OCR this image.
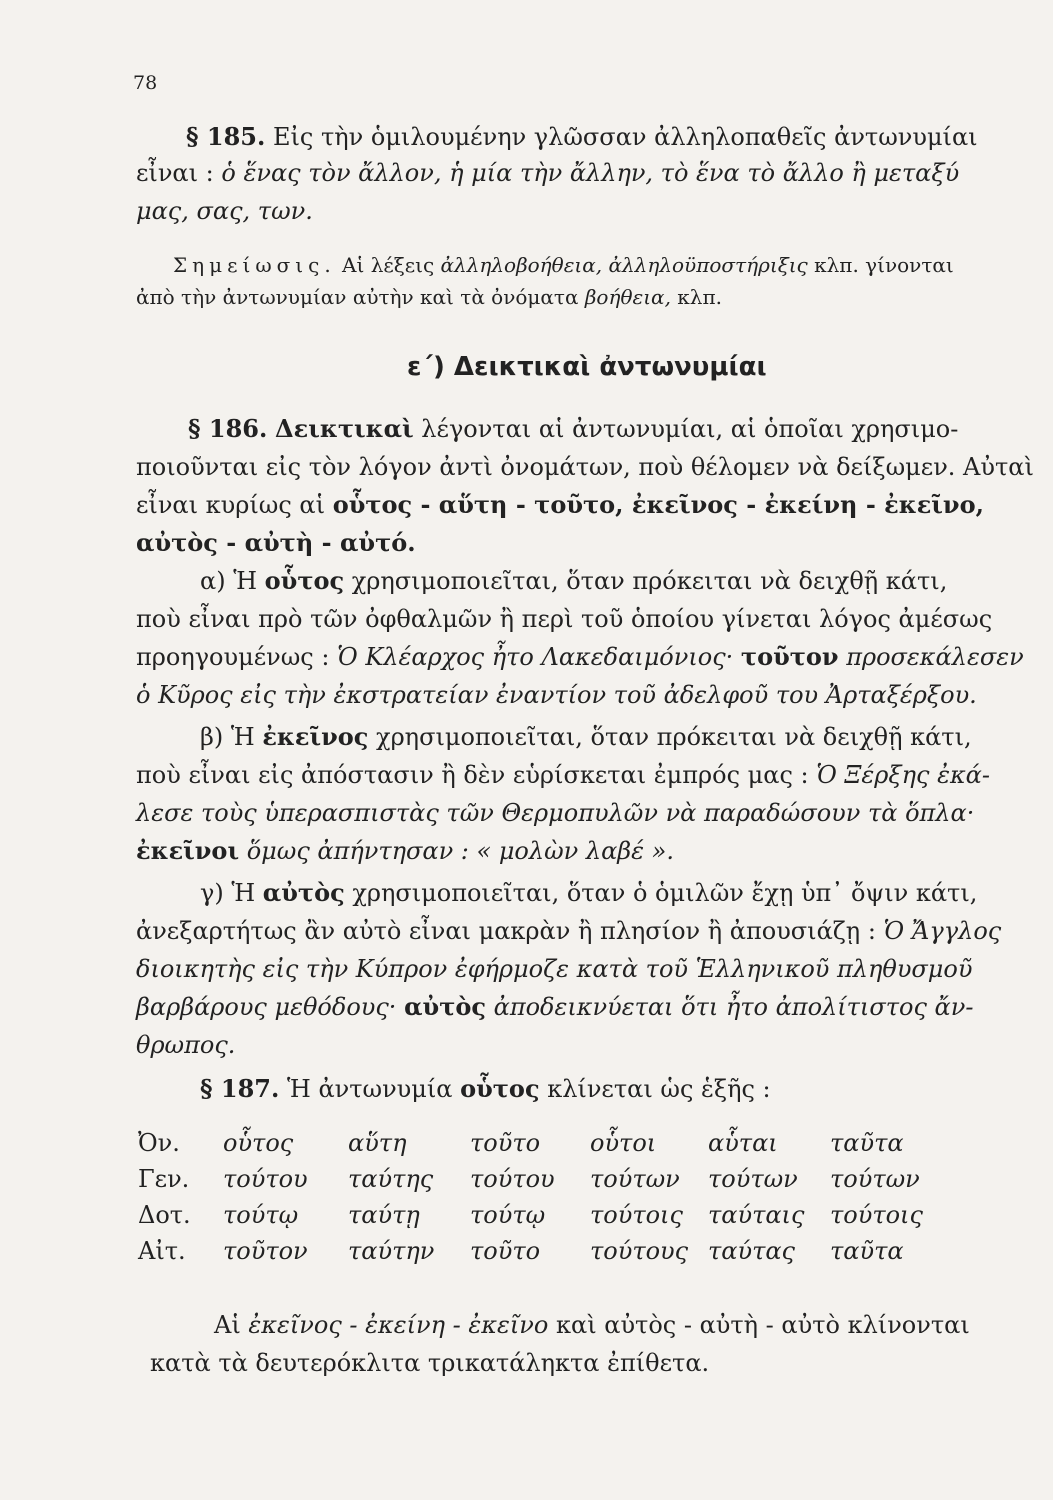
78
§ 185. Εἰς τὴν ὁμιλουμένην γλῶσσαν ἀλληλοπαθεῖς ἀντωνυμίαι
εἶναι : ὁ ἕνας τὸν ἄλλον, ἡ μία τὴν ἄλλην, τὸ ἕνα τὸ ἄλλο ἢ μεταξύ
μας, σας, των.
Σημείωσις. Αἱ λέξεις ἀλληλοβοήθεια, ἀλληλοϋποστήριξις κλπ. γίνονται
ἀπὸ τὴν ἀντωνυμίαν αὐτὴν καὶ τὰ ὀνόματα βοήθεια, κλπ.
ε΄) Δεικτικαὶ ἀντωνυμίαι
§ 186. Δεικτικαὶ λέγονται αἱ ἀντωνυμίαι, αἱ ὁποῖαι χρησιμο-
ποιοῦνται εἰς τὸν λόγον ἀντὶ ὀνομάτων, ποὺ θέλομεν νὰ δείξωμεν. Αὐταὶ
εἶναι κυρίως αἱ οὗτος - αὕτη - τοῦτο, ἐκεῖνος - ἐκείνη - ἐκεῖνο,
αὐτὸς - αὐτὴ - αὐτό.
α) Ἡ οὗτος χρησιμοποιεῖται, ὅταν πρόκειται νὰ δειχθῇ κάτι,
ποὺ εἶναι πρὸ τῶν ὀφθαλμῶν ἢ περὶ τοῦ ὁποίου γίνεται λόγος ἀμέσως
προηγουμένως : Ὁ Κλέαρχος ἦτο Λακεδαιμόνιος· τοῦτον προσεκάλεσεν
ὁ Κῦρος εἰς τὴν ἐκστρατείαν ἐναντίον τοῦ ἀδελφοῦ του Ἀρταξέρξου.
β) Ἡ ἐκεῖνος χρησιμοποιεῖται, ὅταν πρόκειται νὰ δειχθῇ κάτι,
ποὺ εἶναι εἰς ἀπόστασιν ἢ δὲν εὑρίσκεται ἐμπρός μας : Ὁ Ξέρξης ἐκά-
λεσε τοὺς ὑπερασπιστὰς τῶν Θερμοπυλῶν νὰ παραδώσουν τὰ ὅπλα·
ἐκεῖνοι ὅμως ἀπήντησαν : « μολὼν λαβέ ».
γ) Ἡ αὐτὸς χρησιμοποιεῖται, ὅταν ὁ ὁμιλῶν ἔχῃ ὑπ᾽ ὄψιν κάτι,
ἀνεξαρτήτως ἂν αὐτὸ εἶναι μακρὰν ἢ πλησίον ἢ ἀπουσιάζῃ : Ὁ Ἄγγλος
διοικητὴς εἰς τὴν Κύπρον ἐφήρμοζε κατὰ τοῦ Ἑλληνικοῦ πληθυσμοῦ
βαρβάρους μεθόδους· αὐτὸς ἀποδεικνύεται ὅτι ἦτο ἀπολίτιστος ἄν-
θρωπος.
§ 187. Ἡ ἀντωνυμία οὗτος κλίνεται ὡς ἑξῆς :
Ὀν.	οὗτος	αὕτη	τοῦτο	οὗτοι	αὗται	ταῦτα
Γεν.	τούτου	ταύτης	τούτου	τούτων	τούτων	τούτων
Δοτ.	τούτῳ	ταύτῃ	τούτῳ	τούτοις	ταύταις	τούτοις
Αἰτ.	τοῦτον	ταύτην	τοῦτο	τούτους ταύτας	ταῦτα
Αἱ ἐκεῖνος - ἐκείνη - ἐκεῖνο καὶ αὐτὸς - αὐτὴ - αὐτὸ κλίνονται
κατὰ τὰ δευτερόκλιτα τρικατάληκτα ἐπίθετα.
